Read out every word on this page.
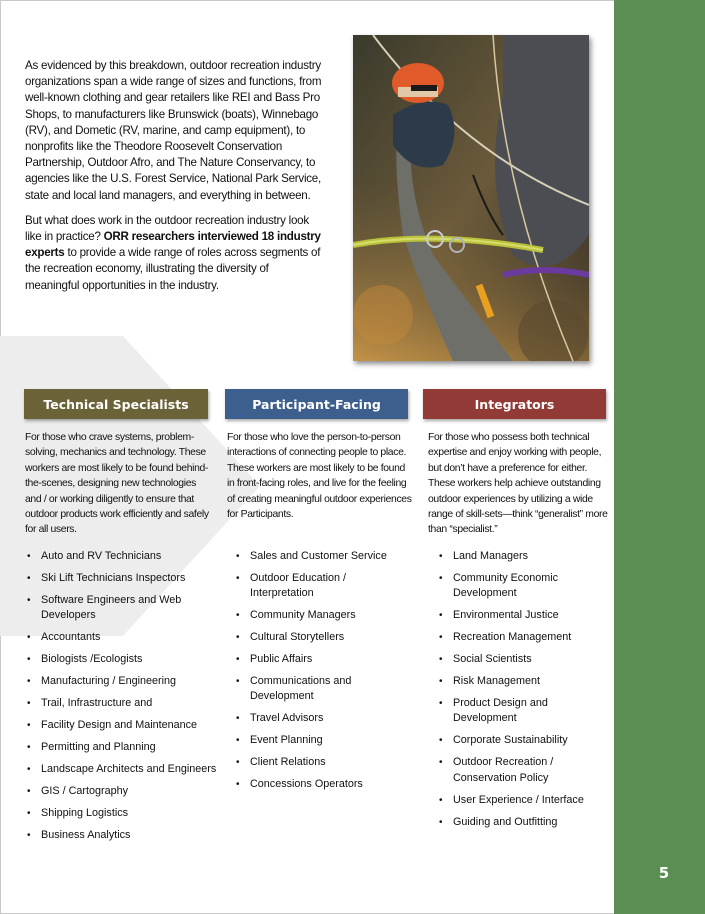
5

As evidenced by this breakdown, outdoor recreation industry organizations span a wide range of sizes and functions, from well-known clothing and gear retailers like REI and Bass Pro Shops, to manufacturers like Brunswick (boats), Winnebago (RV), and Dometic (RV, marine, and camp equipment), to nonprofits like the Theodore Roosevelt Conservation Partnership, Outdoor Afro, and The Nature Conservancy, to agencies like the U.S. Forest Service, National Park Service, state and local land managers, and everything in between.

But what does work in the outdoor recreation industry look like in practice? ORR researchers interviewed 18 industry experts to provide a wide range of roles across segments of the recreation economy, illustrating the diversity of meaningful opportunities in the industry.

Technical Specialists	Participant-Facing	Integrators
For those who crave systems, problem-solving, mechanics and technology. These workers are most likely to be found behind-the-scenes, designing new technologies and / or working diligently to ensure that outdoor products work efficiently and safely for all users.
For those who love the person-to-person interactions of connecting people to place. These workers are most likely to be found in front-facing roles, and live for the feeling of creating meaningful outdoor experiences for Participants.
For those who possess both technical expertise and enjoy working with people, but don’t have a preference for either. These workers help achieve outstanding outdoor experiences by utilizing a wide range of skill-sets—think “generalist” more than “specialist.”
• Auto and RV Technicians
• Ski Lift Technicians Inspectors
• Software Engineers and Web Developers
• Accountants
• Biologists /Ecologists
• Manufacturing / Engineering
• Trail, Infrastructure and
• Facility Design and Maintenance
• Permitting and Planning
• Landscape Architects and Engineers
• GIS / Cartography
• Shipping Logistics
• Business Analytics
• Sales and Customer Service
• Outdoor Education / Interpretation
• Community Managers
• Cultural Storytellers
• Public Affairs
• Communications and Development
• Travel Advisors
• Event Planning
• Client Relations
• Concessions Operators
• Land Managers
• Community Economic Development
• Environmental Justice
• Recreation Management
• Social Scientists
• Risk Management
• Product Design and Development
• Corporate Sustainability
• Outdoor Recreation / Conservation Policy
• User Experience / Interface
• Guiding and Outfitting
